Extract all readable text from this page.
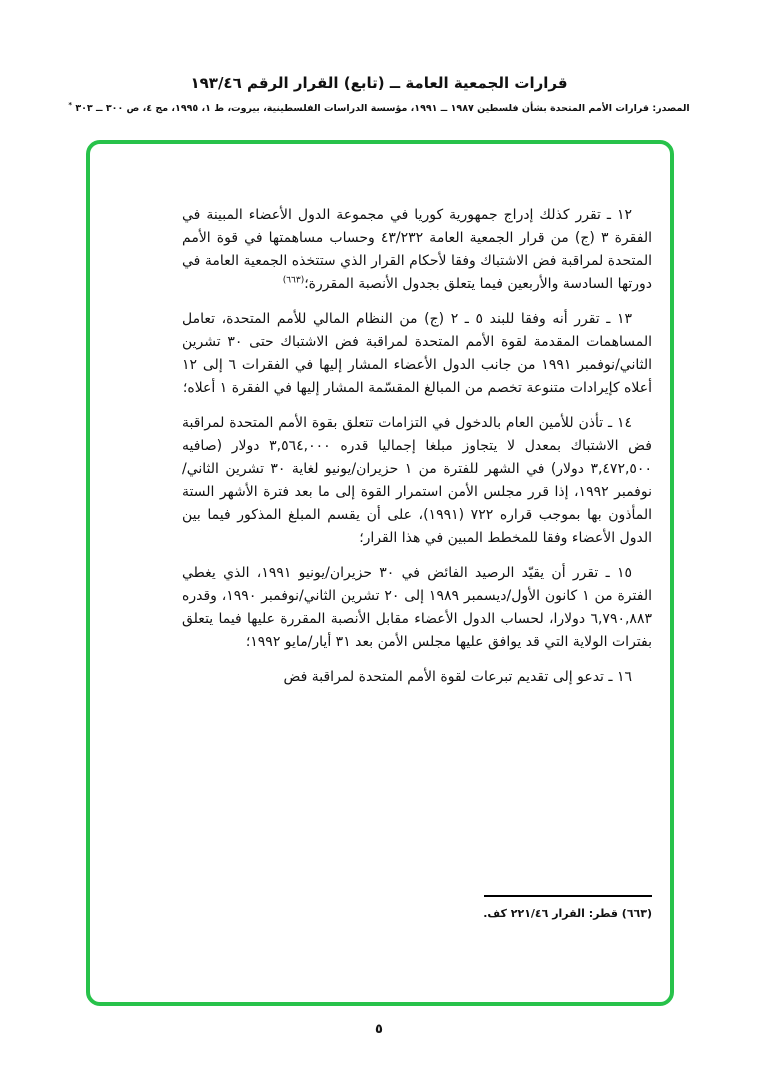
قرارات الجمعية العامة ــ (تابع) القرار الرقم ١٩٣/٤٦
المصدر: قرارات الأمم المتحدة بشأن فلسطين ١٩٨٧ ــ ١٩٩١، مؤسسة الدراسات الفلسطينية، بيروت، ط ١، ١٩٩٥، مج ٤، ص ٣٠٠ ــ ٣٠٣ *

١٢ ـ تقرر كذلك إدراج جمهورية كوريا في مجموعة الدول الأعضاء المبينة في الفقرة ٣ (ج) من قرار الجمعية العامة ٤٣/٢٣٢ وحساب مساهمتها في قوة الأمم المتحدة لمراقبة فض الاشتباك وفقا لأحكام القرار الذي ستتخذه الجمعية العامة في دورتها السادسة والأربعين فيما يتعلق بجدول الأنصبة المقررة؛$^{(٦٦٣)}$

١٣ ـ تقرر أنه وفقا للبند ٥ ـ ٢ (ج) من النظام المالي للأمم المتحدة، تعامل المساهمات المقدمة لقوة الأمم المتحدة لمراقبة فض الاشتباك حتى ٣٠ تشرين الثاني/نوفمبر ١٩٩١ من جانب الدول الأعضاء المشار إليها في الفقرات ٦ إلى ١٢ أعلاه كإيرادات متنوعة تخصم من المبالغ المقسّمة المشار إليها في الفقرة ١ أعلاه؛

١٤ ـ تأذن للأمين العام بالدخول في التزامات تتعلق بقوة الأمم المتحدة لمراقبة فض الاشتباك بمعدل لا يتجاوز مبلغا إجماليا قدره ٣,٥٦٤,٠٠٠ دولار (صافيه ٣,٤٧٢,٥٠٠ دولار) في الشهر للفترة من ١ حزيران/يونيو لغاية ٣٠ تشرين الثاني/نوفمبر ١٩٩٢، إذا قرر مجلس الأمن استمرار القوة إلى ما بعد فترة الأشهر الستة المأذون بها بموجب قراره ٧٢٢ (١٩٩١)، على أن يقسم المبلغ المذكور فيما بين الدول الأعضاء وفقا للمخطط المبين في هذا القرار؛

١٥ ـ تقرر أن يقيّد الرصيد الفائض في ٣٠ حزيران/يونيو ١٩٩١، الذي يغطي الفترة من ١ كانون الأول/ديسمبر ١٩٨٩ إلى ٢٠ تشرين الثاني/نوفمبر ١٩٩٠، وقدره ٦,٧٩٠,٨٨٣ دولارا، لحساب الدول الأعضاء مقابل الأنصبة المقررة عليها فيما يتعلق بفترات الولاية التي قد يوافق عليها مجلس الأمن بعد ٣١ أيار/مايو ١٩٩٢؛

١٦ ـ تدعو إلى تقديم تبرعات لقوة الأمم المتحدة لمراقبة فض

(٦٦٣) قطر: القرار ٢٢١/٤٦ كف.
٥
